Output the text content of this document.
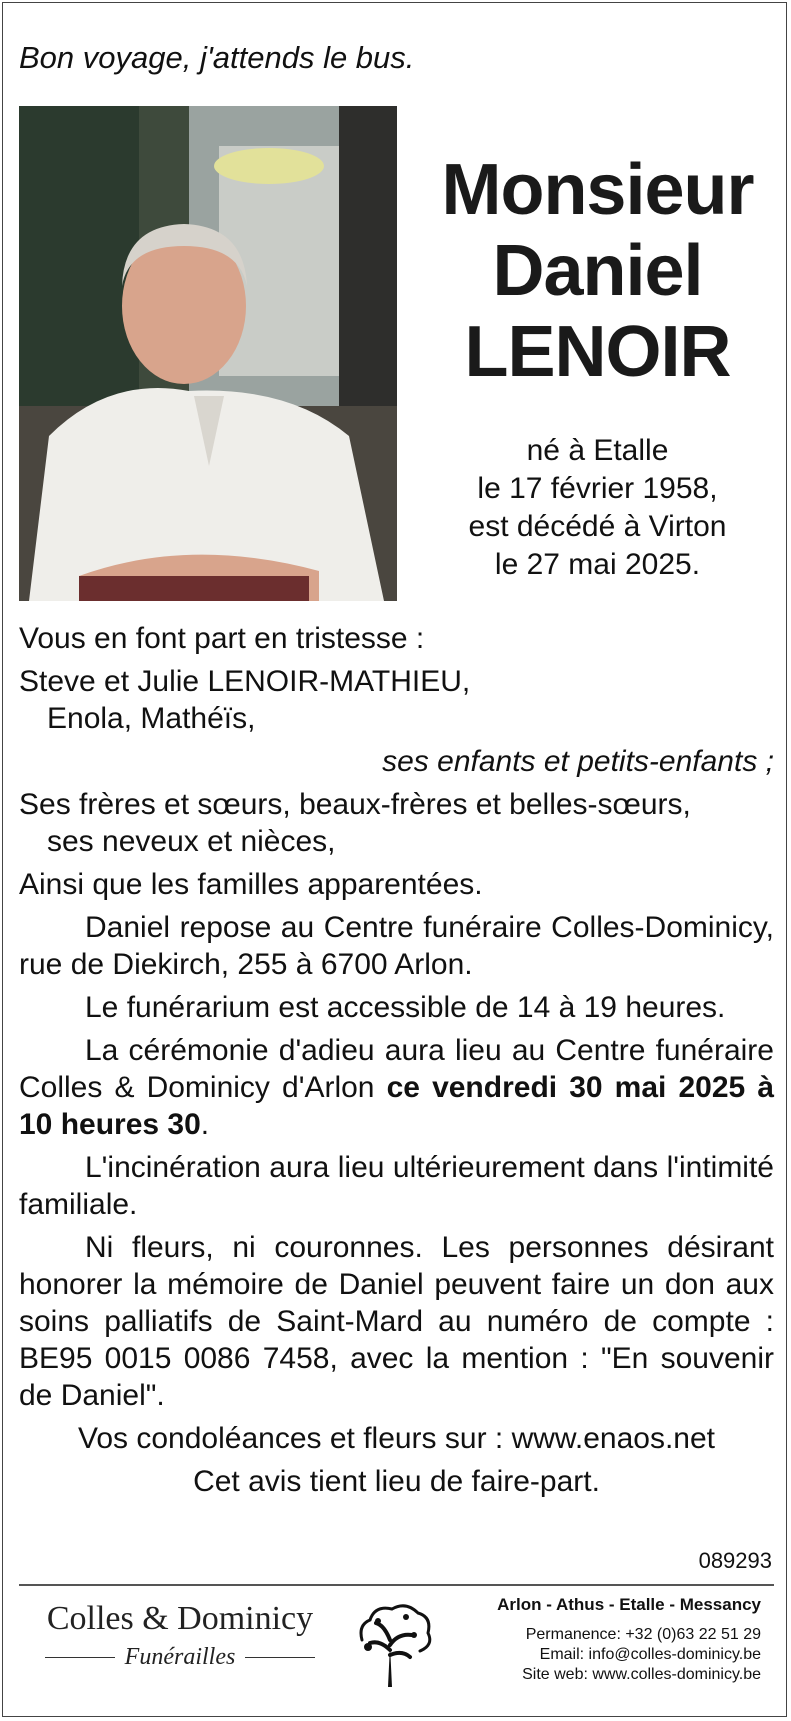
Bon voyage, j'attends le bus.
Monsieur
Daniel
LENOIR
né à Etalle
le 17 février 1958,
est décédé à Virton
le 27 mai 2025.

Vous en font part en tristesse :

Steve et Julie LENOIR-MATHIEU,

Enola, Mathéïs,

ses enfants et petits-enfants ;

Ses frères et sœurs, beaux-frères et belles-sœurs,

ses neveux et nièces,

Ainsi que les familles apparentées.

Daniel repose au Centre funéraire Colles-Dominicy, rue de Diekirch, 255 à 6700 Arlon.

Le funérarium est accessible de 14 à 19 heures.

La cérémonie d'adieu aura lieu au Centre funéraire Colles & Dominicy d'Arlon ce vendredi 30 mai 2025 à 10 heures 30.

L'incinération aura lieu ultérieurement dans l'intimité familiale.

Ni fleurs, ni couronnes. Les personnes désirant honorer la mémoire de Daniel peuvent faire un don aux soins palliatifs de Saint-Mard au numéro de compte : BE95 0015 0086 7458, avec la mention : "En souvenir de Daniel".

Vos condoléances et fleurs sur : www.enaos.net

Cet avis tient lieu de faire-part.

089293
Colles & Dominicy
Funérailles
Arlon - Athus - Etalle - Messancy
Permanence: +32 (0)63 22 51 29
Email: info@colles-dominicy.be
Site web: www.colles-dominicy.be
